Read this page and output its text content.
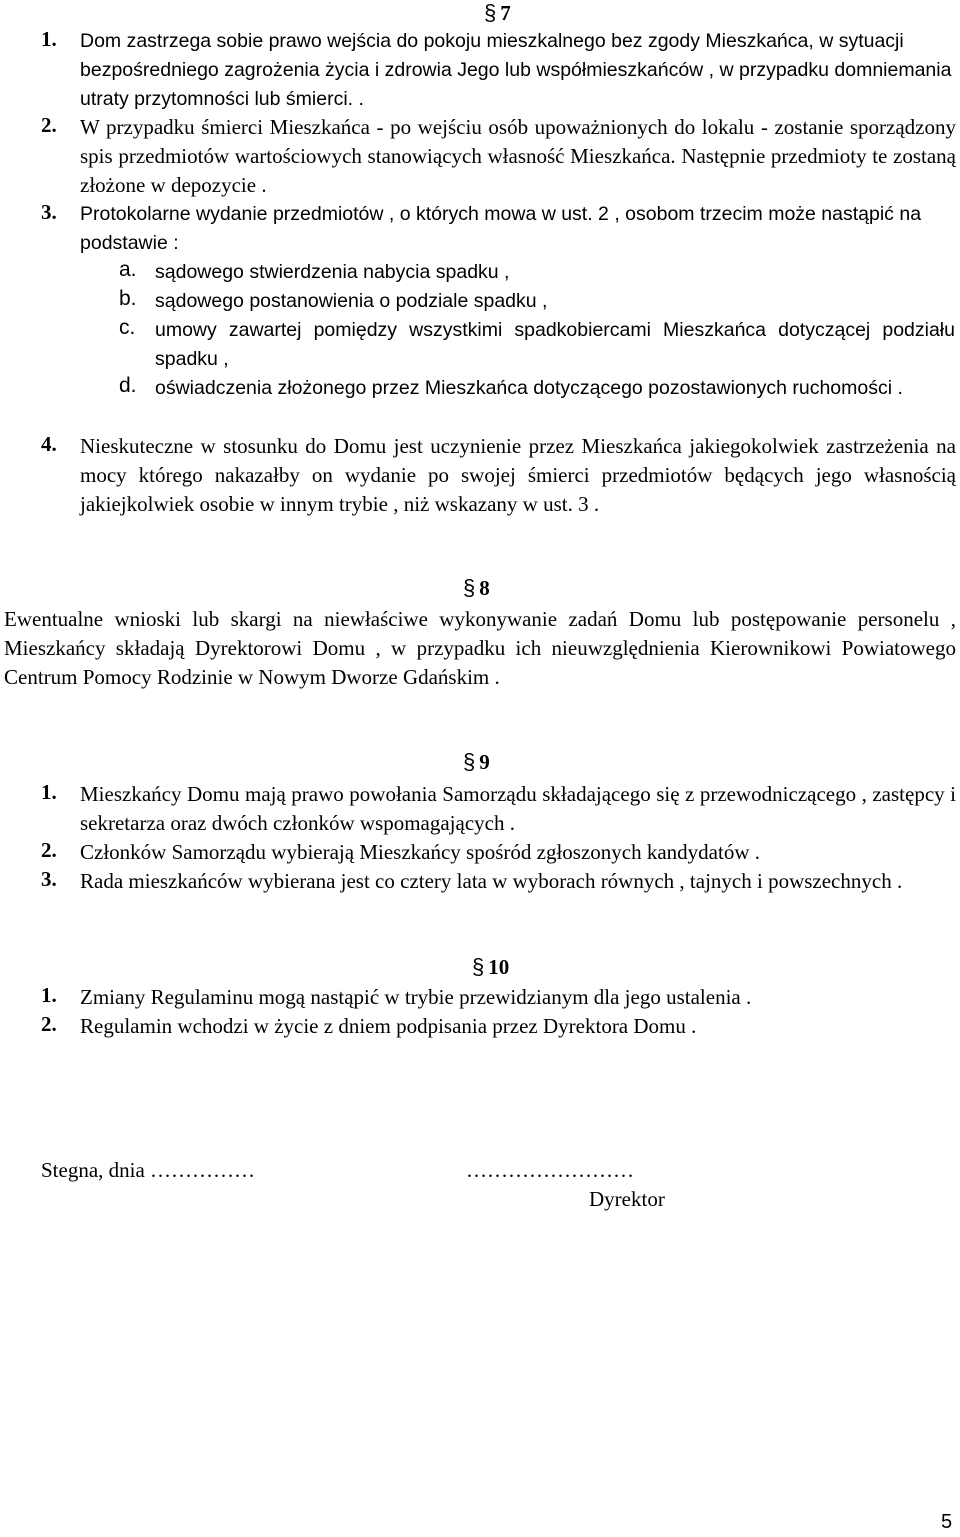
§ 7
1. Dom zastrzega sobie prawo wejścia do pokoju mieszkalnego bez zgody Mieszkańca, w sytuacji bezpośredniego zagrożenia życia i zdrowia Jego lub współmieszkańców , w przypadku domniemania utraty przytomności lub śmierci. .
2. W przypadku śmierci Mieszkańca - po wejściu osób upoważnionych do lokalu - zostanie sporządzony spis przedmiotów wartościowych stanowiących własność Mieszkańca. Następnie przedmioty te zostaną złożone w depozycie .
3. Protokolarne wydanie przedmiotów , o których mowa w ust. 2 , osobom trzecim może nastąpić na podstawie :
a. sądowego stwierdzenia nabycia spadku ,
b. sądowego postanowienia o podziale spadku ,
c. umowy zawartej pomiędzy wszystkimi spadkobiercami Mieszkańca dotyczącej podziału spadku ,
d. oświadczenia złożonego przez Mieszkańca dotyczącego pozostawionych ruchomości .
4. Nieskuteczne w stosunku do Domu jest uczynienie przez Mieszkańca jakiegokolwiek zastrzeżenia na mocy którego nakazałby on wydanie po swojej śmierci przedmiotów będących jego własnością jakiejkolwiek osobie w innym trybie , niż wskazany w ust. 3 .
§ 8
Ewentualne wnioski lub skargi na niewłaściwe wykonywanie zadań Domu lub postępowanie personelu , Mieszkańcy składają Dyrektorowi Domu , w przypadku ich nieuwzględnienia Kierownikowi Powiatowego Centrum Pomocy Rodzinie w Nowym Dworze Gdańskim .
§ 9
1. Mieszkańcy Domu mają prawo powołania Samorządu składającego się z przewodniczącego , zastępcy i sekretarza oraz dwóch członków wspomagających .
2. Członków Samorządu wybierają Mieszkańcy spośród zgłoszonych kandydatów .
3. Rada mieszkańców wybierana jest co cztery lata w wyborach równych , tajnych i powszechnych .
§ 10
1. Zmiany Regulaminu mogą nastąpić w trybie przewidzianym dla jego ustalenia .
2. Regulamin wchodzi w życie z dniem podpisania przez Dyrektora Domu .
Stegna, dnia ……………	……………………
Dyrektor
5
